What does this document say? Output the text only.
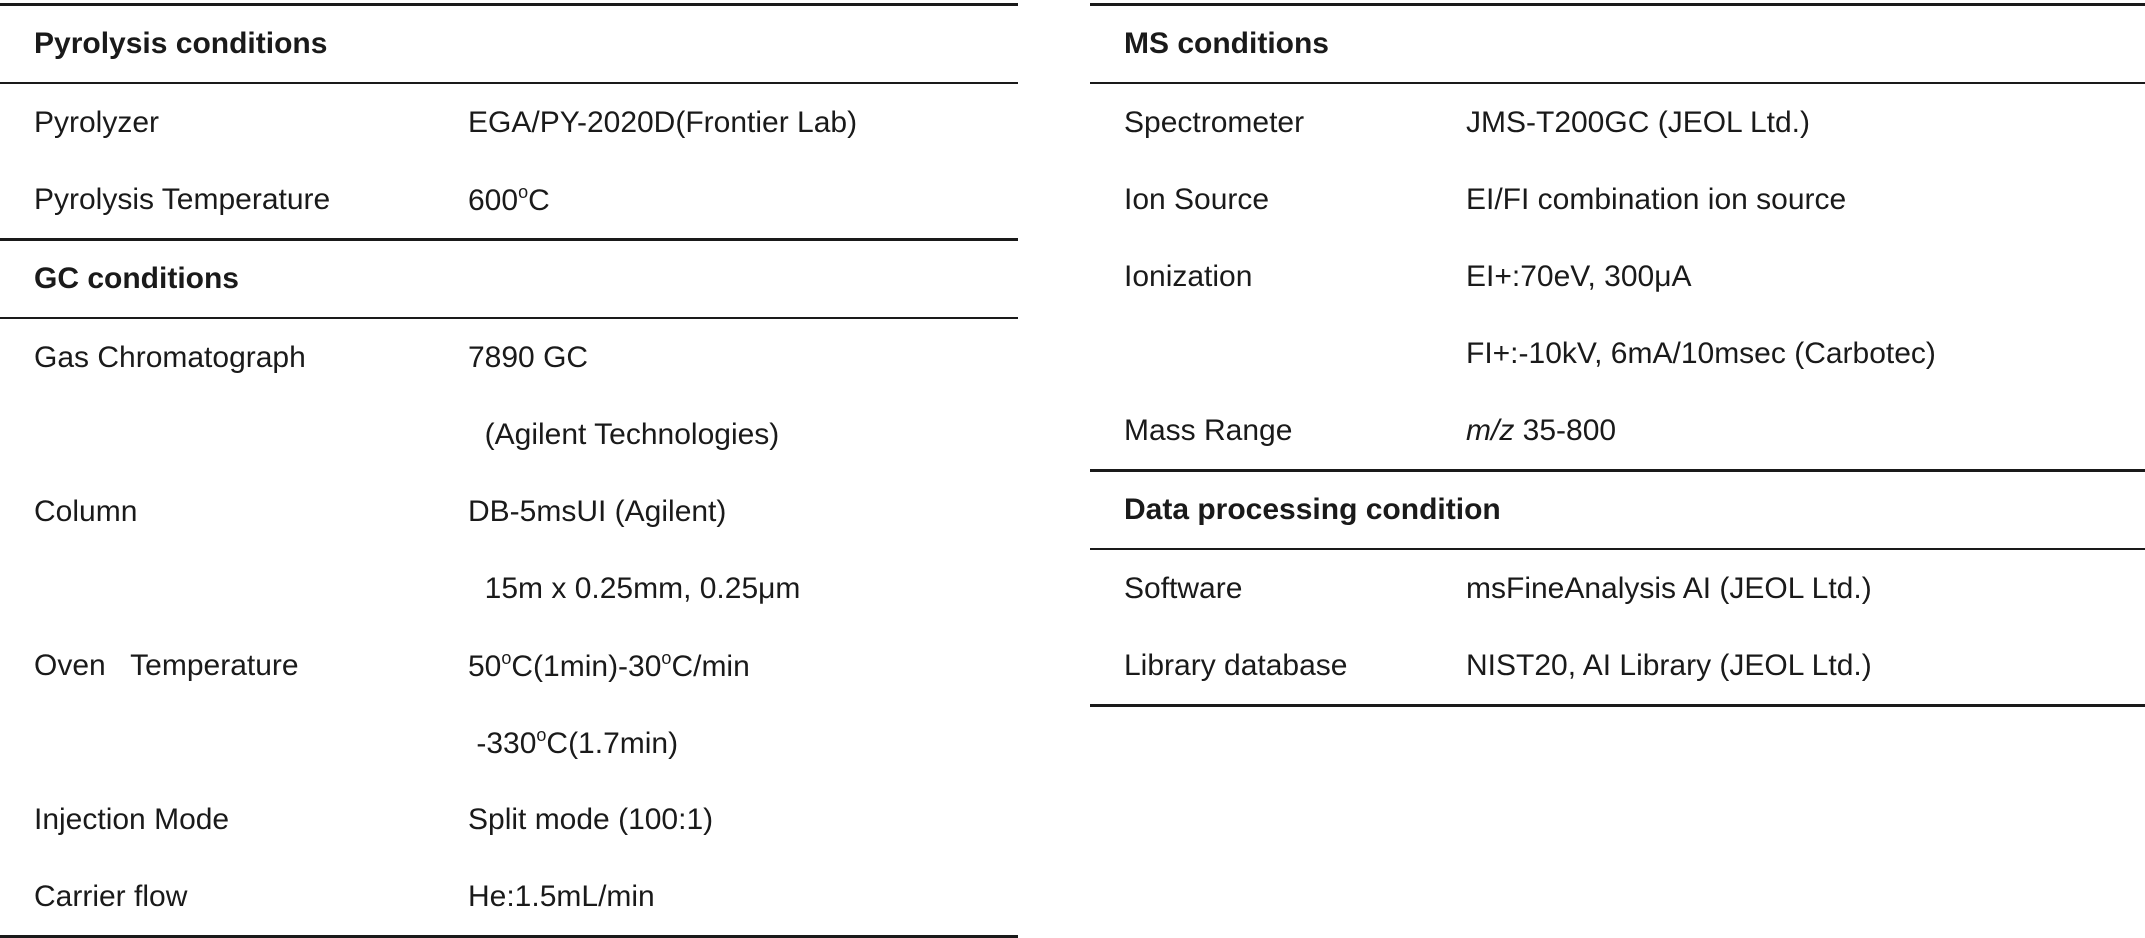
Pyrolysis conditions
Pyrolyzer	EGA/PY-2020D(Frontier Lab)
Pyrolysis Temperature	600$^o$C
GC conditions
Gas Chromatograph	7890 GC
(Agilent Technologies)
Column	DB-5msUI (Agilent)
15m x 0.25mm, 0.25μm
Oven   Temperature	50$^o$C(1min)-30$^o$C/min
-330$^o$C(1.7min)
Injection Mode	Split mode (100:1)
Carrier flow	He:1.5mL/min
MS conditions
Spectrometer	JMS-T200GC (JEOL Ltd.)
Ion Source	EI/FI combination ion source
Ionization	EI+:70eV, 300μA
FI+:-10kV, 6mA/10msec (Carbotec)
Mass Range	m/z 35-800
Data processing condition
Software	msFineAnalysis AI (JEOL Ltd.)
Library database	NIST20, AI Library (JEOL Ltd.)
